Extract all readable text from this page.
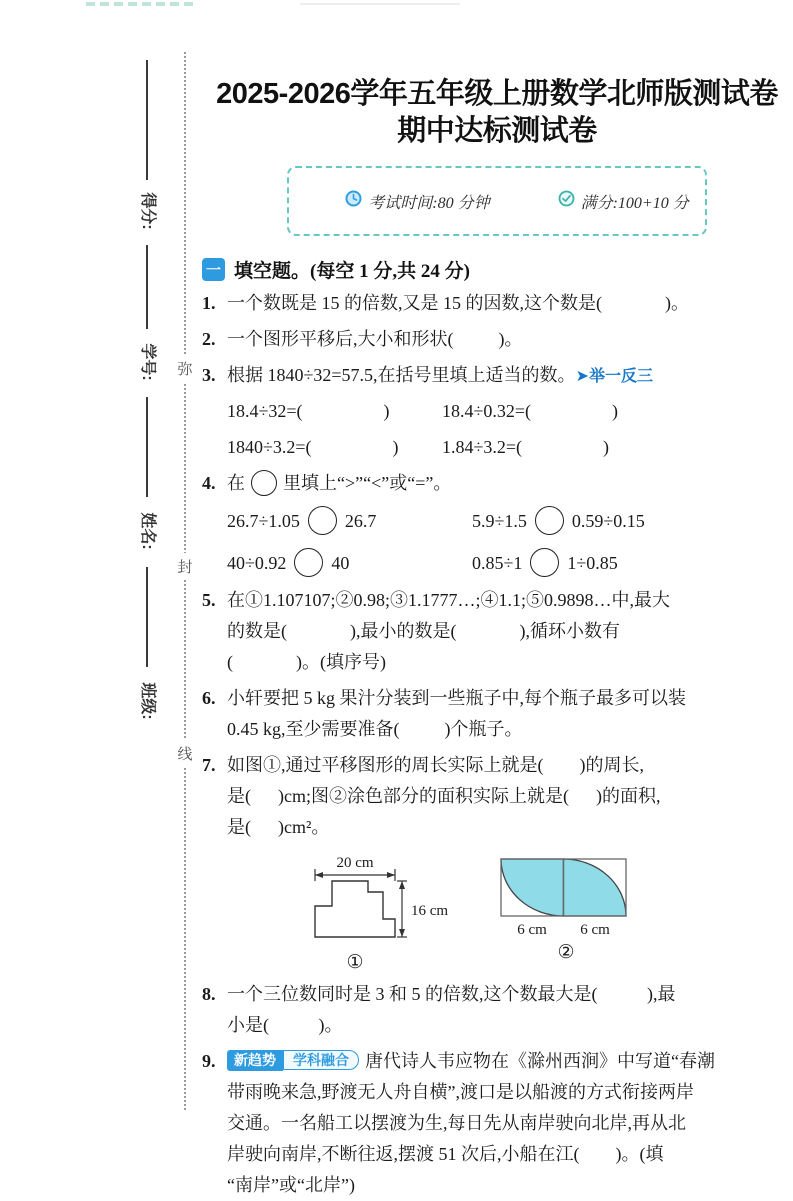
得分:
学号:
姓名:
班级:
弥
封
线
2025-2026学年五年级上册数学北师版测试卷
期中达标测试卷

考试时间:80 分钟

	满分:100+10 分
一 填空题。(每空 1 分,共 24 分)
1. 一个数既是 15 的倍数,又是 15 的因数,这个数是(              )。
2. 一个图形平移后,大小和形状(          )。
3. 根据 1840÷32=57.5,在括号里填上适当的数。➤举一反三
18.4÷32=(                  )	18.4÷0.32=(                  )
1840÷3.2=(                  )	1.84÷3.2=(                  )
4. 在 里填上“>”“<”或“=”。
26.7÷1.05	26.7	5.9÷1.5	0.59÷0.15
40÷0.92	40	0.85÷1	1÷0.85
5. 在①1.107107;②0.98;③1.1777…;④1.1;⑤0.9898…中,最大
的数是(              ),最小的数是(              ),循环小数有
(              )。(填序号)
6. 小轩要把 5 kg 果汁分装到一些瓶子中,每个瓶子最多可以装
0.45 kg,至少需要准备(          )个瓶子。
7. 如图①,通过平移图形的周长实际上就是(        )的周长,
是(      )cm;图②涂色部分的面积实际上就是(      )的面积,
是(      )cm²。
20 cm
16 cm
①
6 cm 6 cm
②
8. 一个三位数同时是 3 和 5 的倍数,这个数最大是(           ),最
小是(           )。
9.	新趋势 学科融合 唐代诗人韦应物在《滁州西涧》中写道“春潮
带雨晚来急,野渡无人舟自横”,渡口是以船渡的方式衔接两岸
交通。一名船工以摆渡为生,每日先从南岸驶向北岸,再从北
岸驶向南岸,不断往返,摆渡 51 次后,小船在江(        )。(填
“南岸”或“北岸”)
